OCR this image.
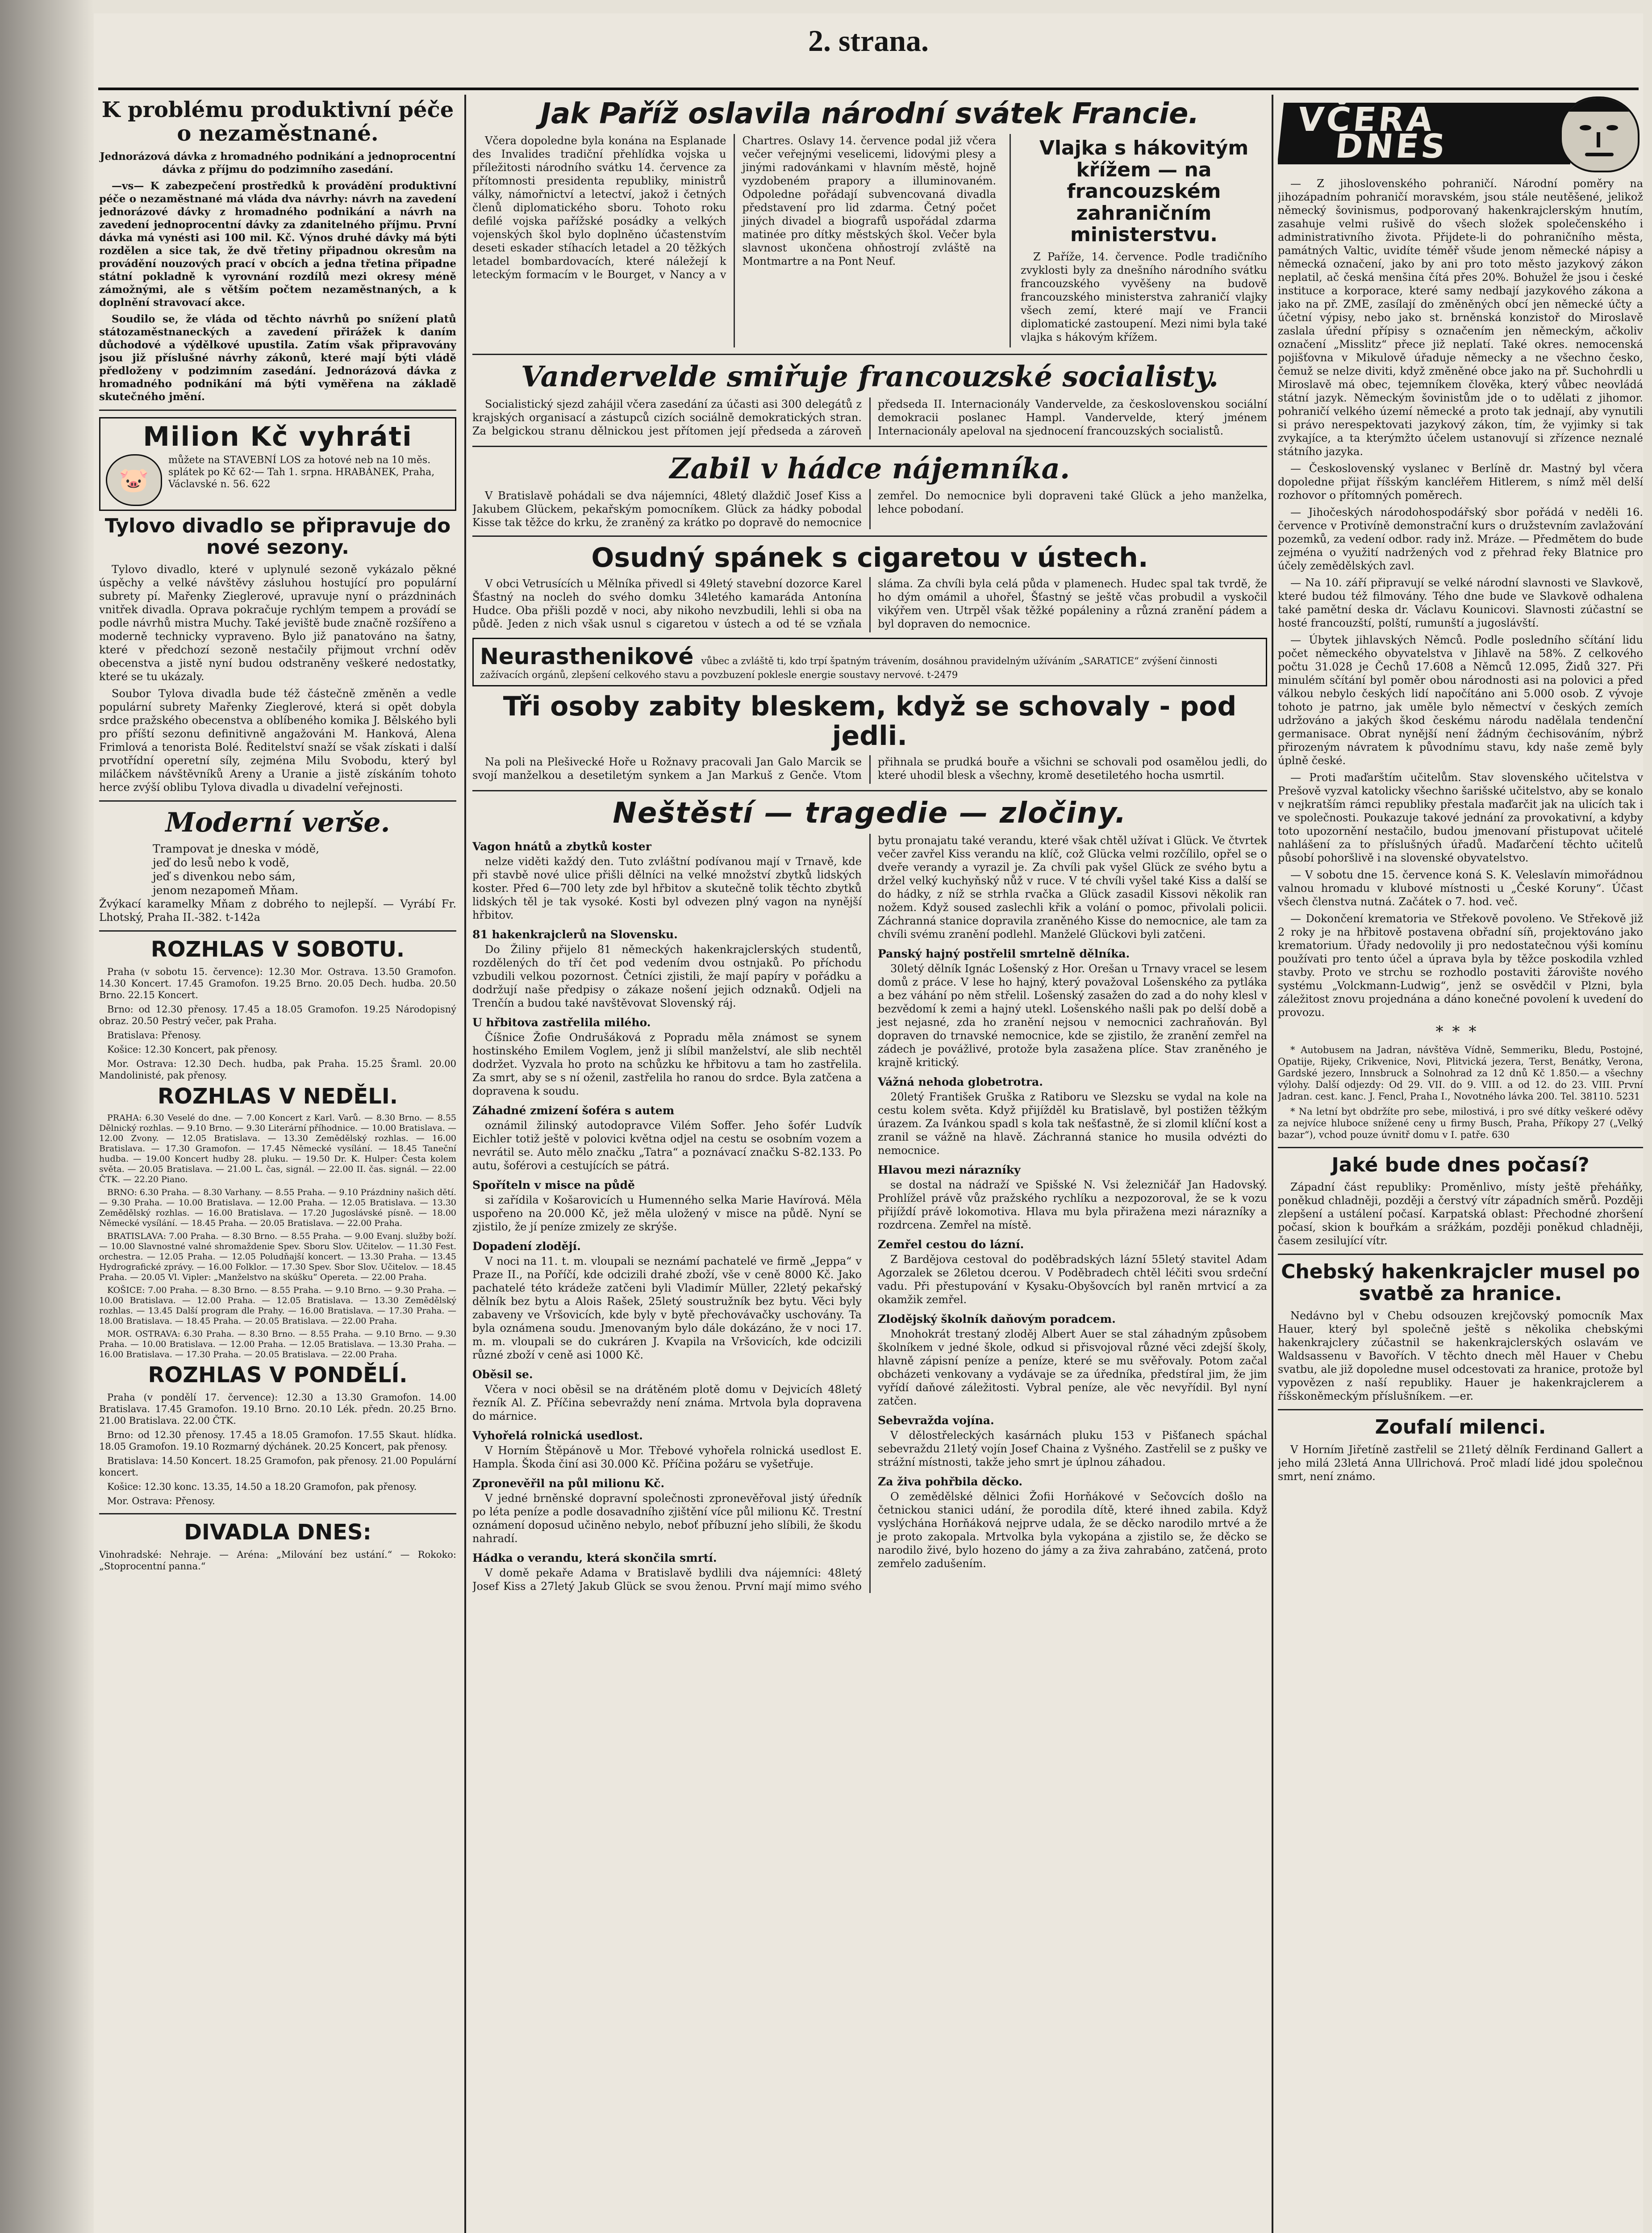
2. strana.
K problému produktivní péče o nezaměstnané.

Jednorázová dávka z hromadného podnikání a jednoprocentní dávka z příjmu do podzimního zasedání.

—vs— K zabezpečení prostředků k provádění produktivní péče o nezaměstnané má vláda dva návrhy: návrh na zavedení jednorázové dávky z hromadného podnikání a návrh na zavedení jednoprocentní dávky za zdanitelného příjmu. První dávka má vynésti asi 100 mil. Kč. Výnos druhé dávky má býti rozdělen a sice tak, že dvě třetiny připadnou okresům na provádění nouzových prací v obcích a jedna třetina připadne státní pokladně k vyrovnání rozdílů mezi okresy méně zámožnými, ale s větším počtem nezaměstnaných, a k doplnění stravovací akce.

Soudilo se, že vláda od těchto návrhů po snížení platů státozaměstnaneckých a zavedení přirážek k daním důchodové a výdělkové upustila. Zatím však připravovány jsou již příslušné návrhy zákonů, které mají býti vládě předloženy v podzimním zasedání. Jednorázová dávka z hromadného podnikání má býti vyměřena na základě skutečného jmění.

Milion Kč vyhráti
🐷

můžete na STAVEBNÍ LOS za hotové neb na 10 měs. splátek po Kč 62·— Tah 1. srpna. HRABÁNEK, Praha, Václavské n. 56. 622

Tylovo divadlo se připravuje do nové sezony.

Tylovo divadlo, které v uplynulé sezoně vykázalo pěkné úspěchy a velké návštěvy zásluhou hostující pro populární subrety pí. Mařenky Zieglerové, upravuje nyní o prázdninách vnitřek divadla. Oprava pokračuje rychlým tempem a provádí se podle návrhů mistra Muchy. Také jeviště bude značně rozšířeno a moderně technicky vypraveno. Bylo již panatováno na šatny, které v předchozí sezoně nestačily přijmout vrchní oděv obecenstva a jistě nyní budou odstraněny veškeré nedostatky, které se tu ukázaly.

Soubor Tylova divadla bude též částečně změněn a vedle populární subrety Mařenky Zieglerové, která si opět dobyla srdce pražského obecenstva a oblíbeného komika J. Bělského byli pro příští sezonu definitivně angažováni M. Hanková, Alena Frimlová a tenorista Bolé. Ředitelství snaží se však získati i další prvotřídní operetní síly, zejména Milu Svobodu, který byl miláčkem návštěvníků Areny a Uranie a jistě získáním tohoto herce zvýší oblibu Tylova divadla u divadelní veřejnosti.

Moderní verše.
Trampovat je dneska v módě,
jeď do lesů nebo k vodě,
jeď s divenkou nebo sám,
jenom nezapomeň Mňam.

Žvýkací karamelky Mňam z dobrého to nejlepší. — Vyrábí Fr. Lhotský, Praha II.-382. t-142a

ROZHLAS V SOBOTU.

Praha (v sobotu 15. července): 12.30 Mor. Ostrava. 13.50 Gramofon. 14.30 Koncert. 17.45 Gramofon. 19.25 Brno. 20.05 Dech. hudba. 20.50 Brno. 22.15 Koncert.

Brno: od 12.30 přenosy. 17.45 a 18.05 Gramofon. 19.25 Národopisný obraz. 20.50 Pestrý večer, pak Praha.

Bratislava: Přenosy.

Košice: 12.30 Koncert, pak přenosy.

Mor. Ostrava: 12.30 Dech. hudba, pak Praha. 15.25 Šraml. 20.00 Mandolinisté, pak přenosy.

ROZHLAS V NEDĚLI.

PRAHA: 6.30 Veselé do dne. — 7.00 Koncert z Karl. Varů. — 8.30 Brno. — 8.55 Dělnický rozhlas. — 9.10 Brno. — 9.30 Literární příhodnice. — 10.00 Bratislava. — 12.00 Zvony. — 12.05 Bratislava. — 13.30 Zemědělský rozhlas. — 16.00 Bratislava. — 17.30 Gramofon. — 17.45 Německé vysílání. — 18.45 Taneční hudba. — 19.00 Koncert hudby 28. pluku. — 19.50 Dr. K. Hulper: Česta kolem světa. — 20.05 Bratislava. — 21.00 L. čas, signál. — 22.00 II. čas. signál. — 22.00 ČTK. — 22.20 Piano.

BRNO: 6.30 Praha. — 8.30 Varhany. — 8.55 Praha. — 9.10 Prázdniny našich dětí. — 9.30 Praha. — 10.00 Bratislava. — 12.00 Praha. — 12.05 Bratislava. — 13.30 Zemědělský rozhlas. — 16.00 Bratislava. — 17.20 Jugoslávské písně. — 18.00 Německé vysílání. — 18.45 Praha. — 20.05 Bratislava. — 22.00 Praha.

BRATISLAVA: 7.00 Praha. — 8.30 Brno. — 8.55 Praha. — 9.00 Evanj. služby boží. — 10.00 Slavnostné valné shromaždenie Spev. Sboru Slov. Učitelov. — 11.30 Fest. orchestra. — 12.05 Praha. — 12.05 Poludňajší koncert. — 13.30 Praha. — 13.45 Hydrografické zprávy. — 16.00 Folklor. — 17.30 Spev. Sbor Slov. Učitelov. — 18.45 Praha. — 20.05 Vl. Vipler: „Manželstvo na skúšku“ Opereta. — 22.00 Praha.

KOŠICE: 7.00 Praha. — 8.30 Brno. — 8.55 Praha. — 9.10 Brno. — 9.30 Praha. — 10.00 Bratislava. — 12.00 Praha. — 12.05 Bratislava. — 13.30 Zemědělský rozhlas. — 13.45 Další program dle Prahy. — 16.00 Bratislava. — 17.30 Praha. — 18.00 Bratislava. — 18.45 Praha. — 20.05 Bratislava. — 22.00 Praha.

MOR. OSTRAVA: 6.30 Praha. — 8.30 Brno. — 8.55 Praha. — 9.10 Brno. — 9.30 Praha. — 10.00 Bratislava. — 12.00 Praha. — 12.05 Bratislava. — 13.30 Praha. — 16.00 Bratislava. — 17.30 Praha. — 20.05 Bratislava. — 22.00 Praha.

ROZHLAS V PONDĚLÍ.

Praha (v pondělí 17. července): 12.30 a 13.30 Gramofon. 14.00 Bratislava. 17.45 Gramofon. 19.10 Brno. 20.10 Lék. předn. 20.25 Brno. 21.00 Bratislava. 22.00 ČTK.

Brno: od 12.30 přenosy. 17.45 a 18.05 Gramofon. 17.55 Skaut. hlídka. 18.05 Gramofon. 19.10 Rozmarný dýchánek. 20.25 Koncert, pak přenosy.

Bratislava: 14.50 Koncert. 18.25 Gramofon, pak přenosy. 21.00 Populární koncert.

Košice: 12.30 konc. 13.35, 14.50 a 18.20 Gramofon, pak přenosy.

Mor. Ostrava: Přenosy.

DIVADLA DNES:

Vinohradské: Nehraje. — Aréna: „Milování bez ustání.“ — Rokoko: „Stoprocentní panna.“

Jak Paříž oslavila národní svátek Francie.

Včera dopoledne byla konána na Esplanade des Invalides tradiční přehlídka vojska u příležitosti národního svátku 14. července za přítomnosti presidenta republiky, ministrů války, námořnictví a letectví, jakož i četných členů diplomatického sboru. Tohoto roku defilé vojska pařížské posádky a velkých vojenských škol bylo doplněno účastenstvím deseti eskader stíhacích letadel a 20 těžkých letadel bombardovacích, které náležejí k leteckým formacím v le Bourget, v Nancy a v Chartres. Oslavy 14. července podal již včera večer veřejnými veselicemi, lidovými plesy a jinými radovánkami v hlavním městě, hojně vyzdobeném prapory a illuminovaném. Odpoledne pořádají subvencovaná divadla představení pro lid zdarma. Četný počet jiných divadel a biografů uspořádal zdarma matinée pro dítky městských škol. Večer byla slavnost ukončena ohňostrojí zvláště na Montmartre a na Pont Neuf.

Vlajka s hákovitým křížem — na francouzském zahraničním ministerstvu.

Z Paříže, 14. července. Podle tradičního zvyklosti byly za dnešního národního svátku francouzského vyvěšeny na budově francouzského ministerstva zahraničí vlajky všech zemí, které mají ve Francii diplomatické zastoupení. Mezi nimi byla také vlajka s hákovým křížem.

Vandervelde smiřuje francouzské socialisty.

Socialistický sjezd zahájil včera zasedání za účasti asi 300 delegátů z krajských organisací a zástupců cizích sociálně demokratických stran. Za belgickou stranu dělnickou jest přítomen její předseda a zároveň předseda II. Internacionály Vandervelde, za československou sociální demokracii poslanec Hampl. Vandervelde, který jménem Internacionály apeloval na sjednocení francouzských socialistů.

Zabil v hádce nájemníka.

V Bratislavě pohádali se dva nájemníci, 48letý dlaždič Josef Kiss a Jakubem Glückem, pekařským pomocníkem. Glück za hádky pobodal Kisse tak těžce do krku, že zraněný za krátko po dopravě do nemocnice zemřel. Do nemocnice byli dopraveni také Glück a jeho manželka, lehce pobodaní.

Osudný spánek s cigaretou v ústech.

V obci Vetrusících u Mělníka přivedl si 49letý stavební dozorce Karel Šťastný na nocleh do svého domku 34letého kamaráda Antonína Hudce. Oba přišli pozdě v noci, aby nikoho nevzbudili, lehli si oba na půdě. Jeden z nich však usnul s cigaretou v ústech a od té se vzňala sláma. Za chvíli byla celá půda v plamenech. Hudec spal tak tvrdě, že ho dým omámil a uhořel, Šťastný se ještě včas probudil a vyskočil vikýřem ven. Utrpěl však těžké popáleniny a různá zranění pádem a byl dopraven do nemocnice.

Neurasthenikové vůbec a zvláště ti, kdo trpí špatným trávením, dosáhnou pravidelným užíváním „SARATICE“ zvýšení činnosti zažívacích orgánů, zlepšení celkového stavu a povzbuzení poklesle energie soustavy nervové. t-2479
Tři osoby zabity bleskem, když se schovaly - pod jedli.

Na poli na Plešivecké Hoře u Rožnavy pracovali Jan Galo Marcik se svojí manželkou a desetiletým synkem a Jan Markuš z Genče. Vtom přihnala se prudká bouře a všichni se schovali pod osamělou jedli, do které uhodil blesk a všechny, kromě desetiletého hocha usmrtil.

Neštěstí — tragedie — zločiny.
Vagon hnátů a zbytků koster

nelze viděti každý den. Tuto zvláštní podívanou mají v Trnavě, kde při stavbě nové ulice přišli dělníci na velké množství zbytků lidských koster. Před 6—700 lety zde byl hřbitov a skutečně tolik těchto zbytků lidských těl je tak vysoké. Kosti byl odvezen plný vagon na nynější hřbitov.

81 hakenkrajclerů na Slovensku.

Do Žiliny přijelo 81 německých hakenkrajclerských studentů, rozdělených do tří čet pod vedením dvou ostnjaků. Po příchodu vzbudili velkou pozornost. Četníci zjistili, že mají papíry v pořádku a dodržují naše předpisy o zákaze nošení jejich odznaků. Odjeli na Trenčín a budou také navštěvovat Slovenský ráj.

U hřbitova zastřelila milého.

Číšnice Žofie Ondrušáková z Popradu měla známost se synem hostinského Emilem Voglem, jenž ji slíbil manželství, ale slib nechtěl dodržet. Vyzvala ho proto na schůzku ke hřbitovu a tam ho zastřelila. Za smrt, aby se s ní oženil, zastřelila ho ranou do srdce. Byla zatčena a dopravena k soudu.

Záhadné zmizení šoféra s autem

oznámil žilinský autodopravce Vilém Soffer. Jeho šofér Ludvík Eichler totiž ještě v polovici května odjel na cestu se osobním vozem a nevrátil se. Auto mělo značku „Tatra“ a poznávací značku S-82.133. Po autu, šoférovi a cestujících se pátrá.

Spoříteln v misce na půdě

si zařídila v Košarovicích u Humenného selka Marie Havírová. Měla uspořeno na 20.000 Kč, jež měla uložený v misce na půdě. Nyní se zjistilo, že jí peníze zmizely ze skrýše.

Dopadení zlodějí.

V noci na 11. t. m. vloupali se neznámí pachatelé ve firmě „Jeppa“ v Praze II., na Poříčí, kde odcizili drahé zboží, vše v ceně 8000 Kč. Jako pachatelé této krádeže zatčeni byli Vladimír Müller, 22letý pekařský dělník bez bytu a Alois Rašek, 25letý soustružník bez bytu. Věci byly zabaveny ve Vršovicích, kde byly v bytě přechovávačky uschovány. Ta byla oznámena soudu. Jmenovaným bylo dále dokázáno, že v noci 17. m. m. vloupali se do cukráren J. Kvapila na Vršovicích, kde odcizili různé zboží v ceně asi 1000 Kč.

Oběsil se.

Včera v noci oběsil se na drátěném plotě domu v Dejvicích 48letý řezník Al. Z. Příčina sebevraždy není známa. Mrtvola byla dopravena do márnice.

Vyhořelá rolnická usedlost.

V Horním Štěpánově u Mor. Třebové vyhořela rolnická usedlost E. Hampla. Škoda činí asi 30.000 Kč. Příčina požáru se vyšetřuje.

Zpronevěřil na půl milionu Kč.

V jedné brněnské dopravní společnosti zpronevěřoval jistý úředník po léta peníze a podle dosavadního zjištění více půl milionu Kč. Trestní oznámení doposud učiněno nebylo, neboť příbuzní jeho slíbili, že škodu nahradí.

Hádka o verandu, která skončila smrtí.

V domě pekaře Adama v Bratislavě bydlili dva nájemníci: 48letý Josef Kiss a 27letý Jakub Glück se svou ženou. První mají mimo svého bytu pronajatu také verandu, které však chtěl užívat i Glück. Ve čtvrtek večer zavřel Kiss verandu na klíč, což Glücka velmi rozčílilo, opřel se o dveře verandy a vyrazil je. Za chvíli pak vyšel Glück ze svého bytu a držel velký kuchyňský nůž v ruce. V té chvíli vyšel také Kiss a další se do hádky, z níž se strhla rvačka a Glück zasadil Kissovi několik ran nožem. Když soused zaslechli křik a volání o pomoc, přivolali policii. Záchranná stanice dopravila zraněného Kisse do nemocnice, ale tam za chvíli svému zranění podlehl. Manželé Glückovi byli zatčeni.

Panský hajný postřelil smrtelně dělníka.

30letý dělník Ignác Lošenský z Hor. Orešan u Trnavy vracel se lesem domů z práce. V lese ho hajný, který považoval Lošenského za pytláka a bez váhání po něm střelil. Lošenský zasažen do zad a do nohy klesl v bezvědomí k zemi a hajný utekl. Lošenského našli pak po delší době a jest nejasné, zda ho zranění nejsou v nemocnici zachraňován. Byl dopraven do trnavské nemocnice, kde se zjistilo, že zranění zemřel na zádech je povážlivé, protože byla zasažena plíce. Stav zraněného je krajně kritický.

Vážná nehoda globetrotra.

20letý František Gruška z Ratiboru ve Slezsku se vydal na kole na cestu kolem světa. Když přijížděl ku Bratislavě, byl postižen těžkým úrazem. Za Ivánkou spadl s kola tak nešťastně, že si zlomil klíční kost a zranil se vážně na hlavě. Záchranná stanice ho musila odvézti do nemocnice.

Hlavou mezi nárazníky

se dostal na nádraží ve Spišské N. Vsi železničář Jan Hadovský. Prohlížel právě vůz pražského rychlíku a nezpozoroval, že se k vozu přijíždí právě lokomotiva. Hlava mu byla přiražena mezi nárazníky a rozdrcena. Zemřel na místě.

Zemřel cestou do lázní.

Z Bardějova cestoval do poděbradských lázní 55letý stavitel Adam Agorzalek se 26letou dcerou. V Poděbradech chtěl léčiti svou srdeční vadu. Při přestupování v Kysaku-Obyšovcích byl raněn mrtvicí a za okamžik zemřel.

Zlodějský školník daňovým poradcem.

Mnohokrát trestaný zloděj Albert Auer se stal záhadným způsobem školníkem v jedné škole, odkud si přisvojoval různé věci zdejší školy, hlavně zápisní peníze a peníze, které se mu svěřovaly. Potom začal obcházeti venkovany a vydávaje se za úředníka, předstíral jim, že jim vyřídí daňové záležitosti. Vybral peníze, ale věc nevyřídil. Byl nyní zatčen.

Sebevražda vojína.

V dělostřeleckých kasárnách pluku 153 v Pišťanech spáchal sebevraždu 21letý vojín Josef Chaina z Vyšného. Zastřelil se z pušky ve strážní místnosti, takže jeho smrt je úplnou záhadou.

Za živa pohřbila děcko.

O zemědělské dělnici Žofii Horňákové v Sečovcích došlo na četnickou stanici udání, že porodila dítě, které ihned zabila. Když vyslýchána Horňáková nejprve udala, že se děcko narodilo mrtvé a že je proto zakopala. Mrtvolka byla vykopána a zjistilo se, že děcko se narodilo živé, bylo hozeno do jámy a za živa zahrabáno, zatčená, proto zemřelo zadušením.

VČERA
DNES

— Z jihoslovenského pohraničí. Národní poměry na jihozápadním pohraničí moravském, jsou stále neutěšené, jelikož německý šovinismus, podporovaný hakenkrajclerským hnutím, zasahuje velmi rušivě do všech složek společenského i administrativního života. Přijdete-li do pohraničního města, památných Valtic, uvidíte téměř všude jenom německé nápisy a německá označení, jako by ani pro toto město jazykový zákon neplatil, ač česká menšina čítá přes 20%. Bohužel že jsou i české instituce a korporace, které samy nedbají jazykového zákona a jako na př. ZME, zasílají do změněných obcí jen německé účty a účetní výpisy, nebo jako st. brněnská konzistoř do Miroslavě zaslala úřední přípisy s označením jen německým, ačkoliv označení „Misslitz“ přece již neplatí. Také okres. nemocenská pojišťovna v Mikulově úřaduje německy a ne všechno česko, čemuž se nelze diviti, když změněné obce jako na př. Suchohrdli u Miroslavě má obec, tejemníkem člověka, který vůbec neovládá státní jazyk. Německým šovinistům jde o to udělati z jihomor. pohraničí velkého území německé a proto tak jednají, aby vynutili si právo nerespektovati jazykový zákon, tím, že vyjimky si tak zvykajíce, a ta kterýmžto účelem ustanovují si zřízence neznalé státního jazyka.

— Československý vyslanec v Berlíně dr. Mastný byl včera dopoledne přijat říšským kancléřem Hitlerem, s nímž měl delší rozhovor o přítomných poměrech.

— Jihočeských národohospodářský sbor pořádá v neděli 16. července v Protivíně demonstrační kurs o družstevním zavlažování pozemků, za vedení odbor. rady inž. Mráze. — Předmětem do bude zejména o využití nadržených vod z přehrad řeky Blatnice pro účely zemědělských zavl.

— Na 10. září připravují se velké národní slavnosti ve Slavkově, které budou též filmovány. Tého dne bude ve Slavkově odhalena také pamětní deska dr. Václavu Kounicovi. Slavnosti zúčastní se hosté francouzští, polští, rumunští a jugoslávští.

— Úbytek jihlavských Němců. Podle posledního sčítání lidu počet německého obyvatelstva v Jihlavě na 58%. Z celkového počtu 31.028 je Čechů 17.608 a Němců 12.095, Židů 327. Při minulém sčítání byl poměr obou národnosti asi na polovici a před válkou nebylo českých lidí napočítáno ani 5.000 osob. Z vývoje tohoto je patrno, jak uměle bylo němectví v českých zemích udržováno a jakých škod českému národu nadělala tendenční germanisace. Obrat nynější není žádným čechisováním, nýbrž přirozeným návratem k původnímu stavu, kdy naše země byly úplně české.

— Proti maďarštím učitelům. Stav slovenského učitelstva v Prešově vyzval katolicky všechno šarišské učitelstvo, aby se konalo v nejkratším rámci republiky přestala maďarčit jak na ulicích tak i ve společnosti. Poukazuje takové jednání za provokativní, a kdyby toto upozornění nestačilo, budou jmenovaní přistupovat učitelé nahlášení za to příslušných úřadů. Maďarčení těchto učitelů působí pohoršlivě i na slovenské obyvatelstvo.

— V sobotu dne 15. července koná S. K. Veleslavín mimořádnou valnou hromadu v klubové místnosti u „České Koruny“. Účast všech členstva nutná. Začátek o 7. hod. več.

— Dokončení krematoria ve Střekově povoleno. Ve Střekově již 2 roky je na hřbitově postavena obřadní síň, projektováno jako krematorium. Úřady nedovolily ji pro nedostatečnou výši komínu používati pro tento účel a úprava byla by těžce poskodila vzhled stavby. Proto ve strchu se rozhodlo postaviti žárovište nového systému „Volckmann-Ludwig“, jenž se osvědčil v Plzni, byla záležitost znovu projednána a dáno konečné povolení k uvedení do provozu.

***

* Autobusem na Jadran, návštěva Vídně, Semmeriku, Bledu, Postojné, Opatije, Rijeky, Crikvenice, Novi, Plitvická jezera, Terst, Benátky, Verona, Gardské jezero, Innsbruck a Solnohrad za 12 dnů Kč 1.850.— a všechny výlohy. Další odjezdy: Od 29. VII. do 9. VIII. a od 12. do 23. VIII. První Jadran. cest. kanc. J. Fencl, Praha I., Novotného lávka 200. Tel. 38110. 5231

* Na letní byt obdržíte pro sebe, milostivá, i pro své dítky veškeré oděvy za nejvíce hluboce snížené ceny u firmy Busch, Praha, Příkopy 27 („Velký bazar“), vchod pouze úvnitř domu v I. patře. 630

Jaké bude dnes počasí?

Západní část republiky: Proměnlivo, místy ještě přeháňky, poněkud chladněji, později a čerstvý vítr západních směrů. Později zlepšení a ustálení počasí. Karpatská oblast: Přechodné zhoršení počasí, skion k bouřkám a srážkám, později poněkud chladněji, časem zesilující vítr.

Chebský hakenkrajcler musel po svatbě za hranice.

Nedávno byl v Chebu odsouzen krejčovský pomocník Max Hauer, který byl společně ještě s několika chebskými hakenkrajclery zúčastnil se hakenkrajclerských oslavám ve Waldsassenu v Bavořích. V těchto dnech měl Hauer v Chebu svatbu, ale již dopoledne musel odcestovati za hranice, protože byl vypovězen z naší republiky. Hauer je hakenkrajclerem a říšskoněmeckým příslušníkem. —er.

Zoufalí milenci.

V Horním Jiřetíně zastřelil se 21letý dělník Ferdinand Gallert a jeho milá 23letá Anna Ullrichová. Proč mladí lidé jdou společnou smrt, není známo.
